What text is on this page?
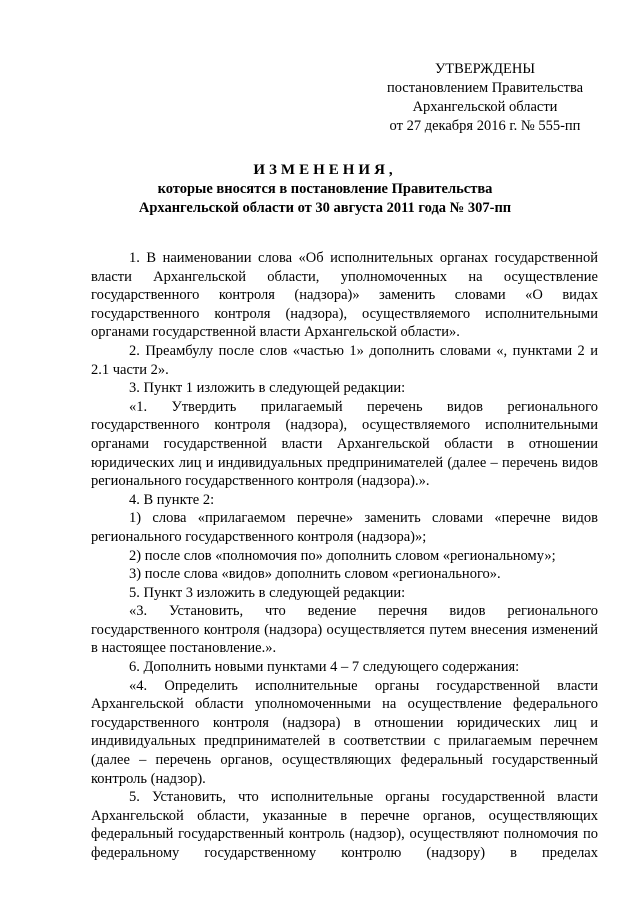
УТВЕРЖДЕНЫ
постановлением Правительства
Архангельской области
от 27 декабря 2016 г. № 555-пп
ИЗМЕНЕНИЯ,
которые вносятся в постановление Правительства
Архангельской области от 30 августа 2011 года № 307-пп

1. В наименовании слова «Об исполнительных органах государственной власти Архангельской области, уполномоченных на осуществление государственного контроля (надзора)» заменить словами «О видах государственного контроля (надзора), осуществляемого исполнительными органами государственной власти Архангельской области».

2. Преамбулу после слов «частью 1» дополнить словами «, пунктами 2 и 2.1 части 2».

3. Пункт 1 изложить в следующей редакции:

«1. Утвердить прилагаемый перечень видов регионального государственного контроля (надзора), осуществляемого исполнительными органами государственной власти Архангельской области в отношении юридических лиц и индивидуальных предпринимателей (далее – перечень видов регионального государственного контроля (надзора).».

4. В пункте 2:

1) слова «прилагаемом перечне» заменить словами «перечне видов регионального государственного контроля (надзора)»;

2) после слов «полномочия по» дополнить словом «региональному»;

3) после слова «видов» дополнить словом «регионального».

5. Пункт 3 изложить в следующей редакции:

«3. Установить, что ведение перечня видов регионального государственного контроля (надзора) осуществляется путем внесения изменений в настоящее постановление.».

6. Дополнить новыми пунктами 4 – 7 следующего содержания:

«4. Определить исполнительные органы государственной власти Архангельской области уполномоченными на осуществление федерального государственного контроля (надзора) в отношении юридических лиц и индивидуальных предпринимателей в соответствии с прилагаемым перечнем (далее – перечень органов, осуществляющих федеральный государственный контроль (надзор).

5. Установить, что исполнительные органы государственной власти Архангельской области, указанные в перечне органов, осуществляющих федеральный государственный контроль (надзор), осуществляют полномочия по федеральному государственному контролю (надзору) в пределах
